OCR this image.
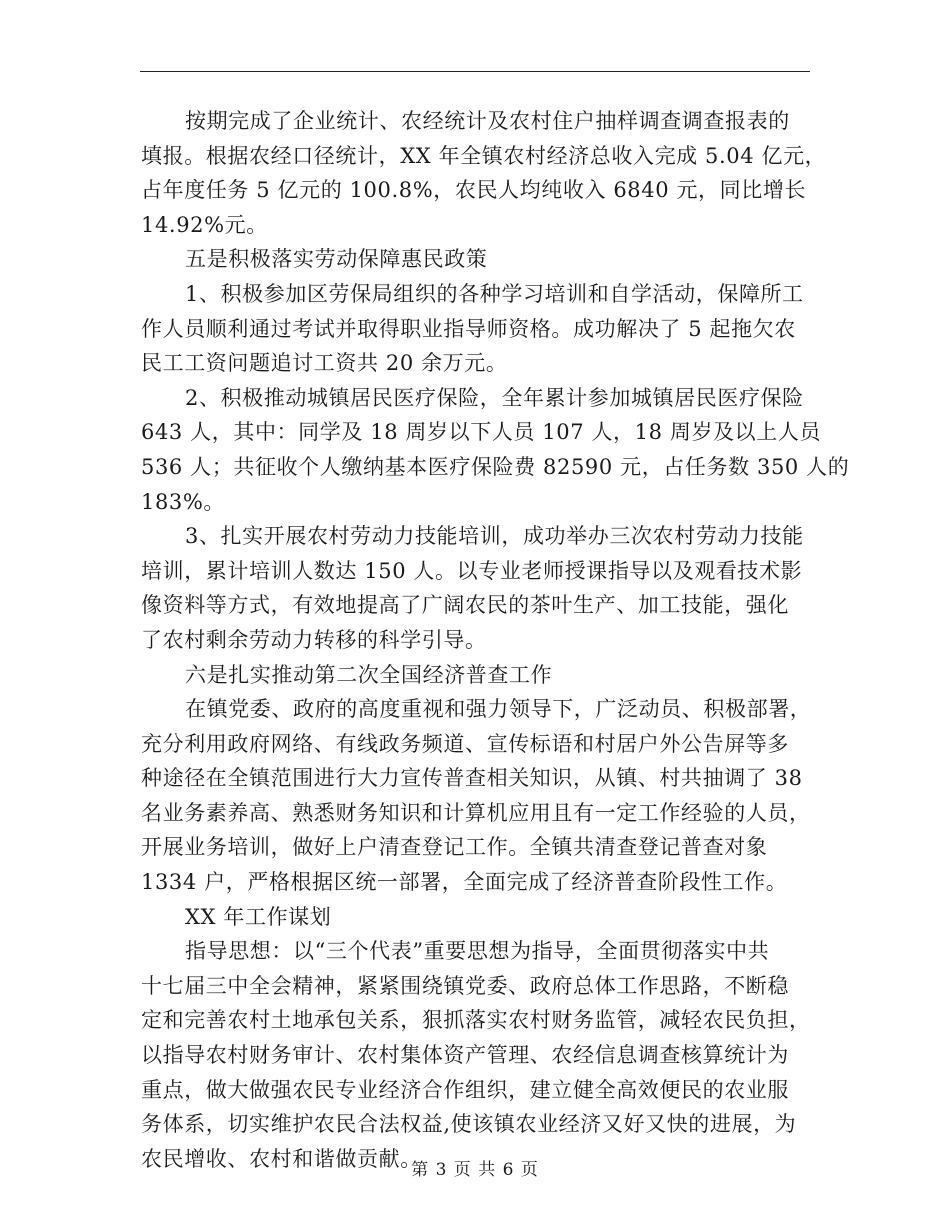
按期完成了企业统计、农经统计及农村住户抽样调查调查报表的
填报。根据农经口径统计，XX 年全镇农村经济总收入完成 5.04 亿元，
占年度任务 5 亿元的 100.8%，农民人均纯收入 6840 元，同比增长
14.92%元。
五是积极落实劳动保障惠民政策
1、积极参加区劳保局组织的各种学习培训和自学活动，保障所工
作人员顺利通过考试并取得职业指导师资格。成功解决了 5 起拖欠农
民工工资问题追讨工资共 20 余万元。
2、积极推动城镇居民医疗保险，全年累计参加城镇居民医疗保险
643 人，其中：同学及 18 周岁以下人员 107 人，18 周岁及以上人员
536 人；共征收个人缴纳基本医疗保险费 82590 元，占任务数 350 人的
183%。
3、扎实开展农村劳动力技能培训，成功举办三次农村劳动力技能
培训，累计培训人数达 150 人。以专业老师授课指导以及观看技术影
像资料等方式，有效地提高了广阔农民的茶叶生产、加工技能，强化
了农村剩余劳动力转移的科学引导。
六是扎实推动第二次全国经济普查工作
在镇党委、政府的高度重视和强力领导下，广泛动员、积极部署，
充分利用政府网络、有线政务频道、宣传标语和村居户外公告屏等多
种途径在全镇范围进行大力宣传普查相关知识，从镇、村共抽调了 38
名业务素养高、熟悉财务知识和计算机应用且有一定工作经验的人员，
开展业务培训，做好上户清查登记工作。全镇共清查登记普查对象
1334 户，严格根据区统一部署，全面完成了经济普查阶段性工作。
XX 年工作谋划
指导思想：以“三个代表”重要思想为指导，全面贯彻落实中共
十七届三中全会精神，紧紧围绕镇党委、政府总体工作思路，不断稳
定和完善农村土地承包关系，狠抓落实农村财务监管，减轻农民负担，
以指导农村财务审计、农村集体资产管理、农经信息调查核算统计为
重点，做大做强农民专业经济合作组织，建立健全高效便民的农业服
务体系，切实维护农民合法权益,使该镇农业经济又好又快的进展，为
农民增收、农村和谐做贡献。
第 3 页 共 6 页
